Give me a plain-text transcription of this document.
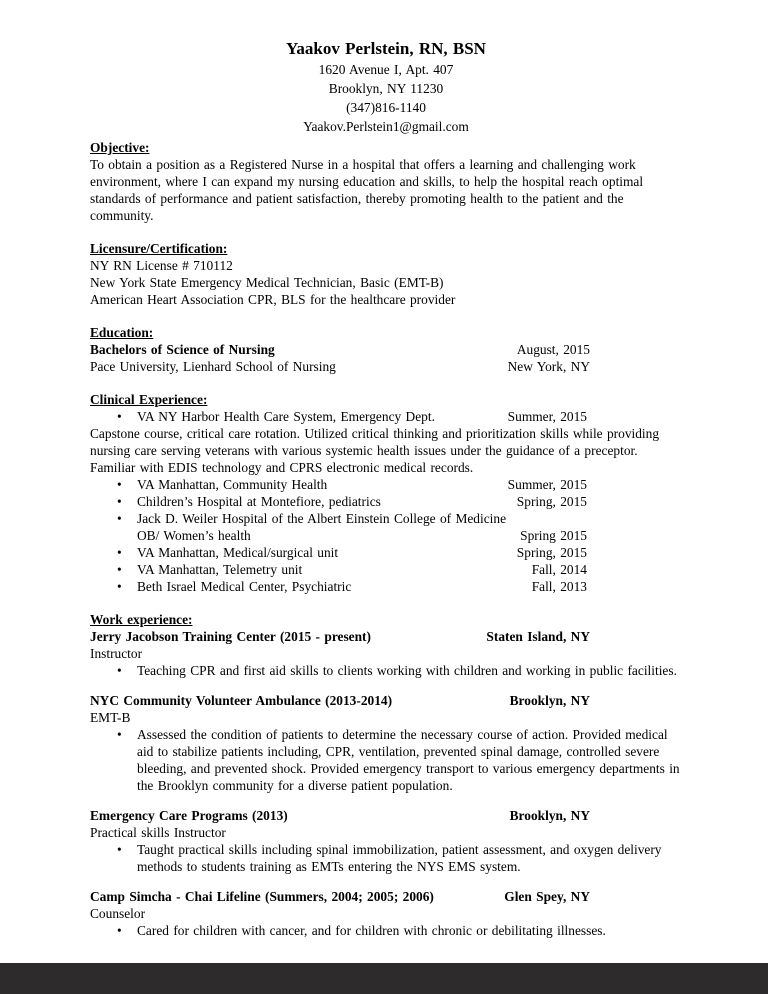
Yaakov Perlstein, RN, BSN
1620 Avenue I, Apt. 407
Brooklyn, NY 11230
(347)816-1140
Yaakov.Perlstein1@gmail.com
Objective:

To obtain a position as a Registered Nurse in a hospital that offers a learning and challenging work environment, where I can expand my nursing education and skills, to help the hospital reach optimal standards of performance and patient satisfaction, thereby promoting health to the patient and the community.

Licensure/Certification:
NY RN License # 710112
New York State Emergency Medical Technician, Basic (EMT-B)
American Heart Association CPR, BLS for the healthcare provider
Education:
Bachelors of Science of Nursing	August, 2015
Pace University, Lienhard School of Nursing	New York, NY
Clinical Experience:
•	VA NY Harbor Health Care System, Emergency Dept.	Summer, 2015

Capstone course, critical care rotation. Utilized critical thinking and prioritization skills while providing nursing care serving veterans with various systemic health issues under the guidance of a preceptor. Familiar with EDIS technology and CPRS electronic medical records.

•	VA Manhattan, Community Health	Summer, 2015
•	Children’s Hospital at Montefiore, pediatrics	Spring, 2015
•	Jack D. Weiler Hospital of the Albert Einstein College of Medicine
OB/ Women’s health	Spring 2015
•	VA Manhattan, Medical/surgical unit	Spring, 2015
•	VA Manhattan, Telemetry unit	Fall, 2014
•	Beth Israel Medical Center, Psychiatric	Fall, 2013
Work experience:
Jerry Jacobson Training Center (2015 - present)	Staten Island, NY
Instructor
•	Teaching CPR and first aid skills to clients working with children and working in public facilities.
NYC Community Volunteer Ambulance (2013-2014)	Brooklyn, NY
EMT-B
•	Assessed the condition of patients to determine the necessary course of action. Provided medical aid to stabilize patients including, CPR, ventilation, prevented spinal damage, controlled severe bleeding, and prevented shock. Provided emergency transport to various emergency departments in the Brooklyn community for a diverse patient population.
Emergency Care Programs (2013)	Brooklyn, NY
Practical skills Instructor
•	Taught practical skills including spinal immobilization, patient assessment, and oxygen delivery methods to students training as EMTs entering the NYS EMS system.
Camp Simcha - Chai Lifeline (Summers, 2004; 2005; 2006)	Glen Spey, NY
Counselor
•	Cared for children with cancer, and for children with chronic or debilitating illnesses.
